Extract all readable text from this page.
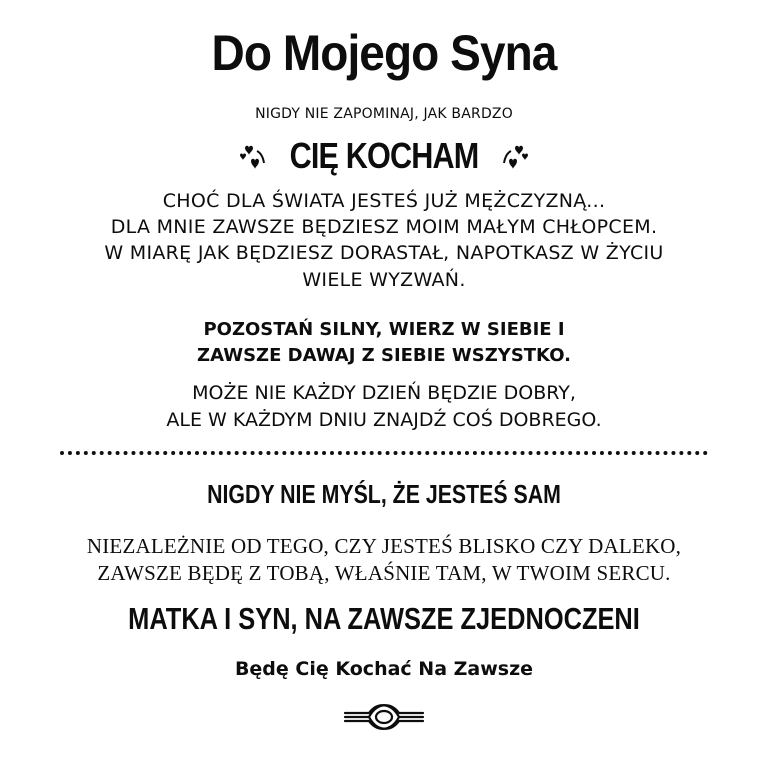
Do Mojego Syna
NIGDY NIE ZAPOMINAJ, JAK BARDZO
CIĘ KOCHAM
CHOĆ DLA ŚWIATA JESTEŚ JUŻ MĘŻCZYZNĄ...
DLA MNIE ZAWSZE BĘDZIESZ MOIM MAŁYM CHŁOPCEM.
W MIARĘ JAK BĘDZIESZ DORASTAŁ, NAPOTKASZ W ŻYCIU
WIELE WYZWAŃ.
POZOSTAŃ SILNY, WIERZ W SIEBIE I
ZAWSZE DAWAJ Z SIEBIE WSZYSTKO.
MOŻE NIE KAŻDY DZIEŃ BĘDZIE DOBRY,
ALE W KAŻDYM DNIU ZNAJDŹ COŚ DOBREGO.
NIGDY NIE MYŚL, ŻE JESTEŚ SAM
NIEZALEŻNIE OD TEGO, CZY JESTEŚ BLISKO CZY DALEKO,
ZAWSZE BĘDĘ Z TOBĄ, WŁAŚNIE TAM, W TWOIM SERCU.
MATKA I SYN, NA ZAWSZE ZJEDNOCZENI
Będę Cię Kochać Na Zawsze
